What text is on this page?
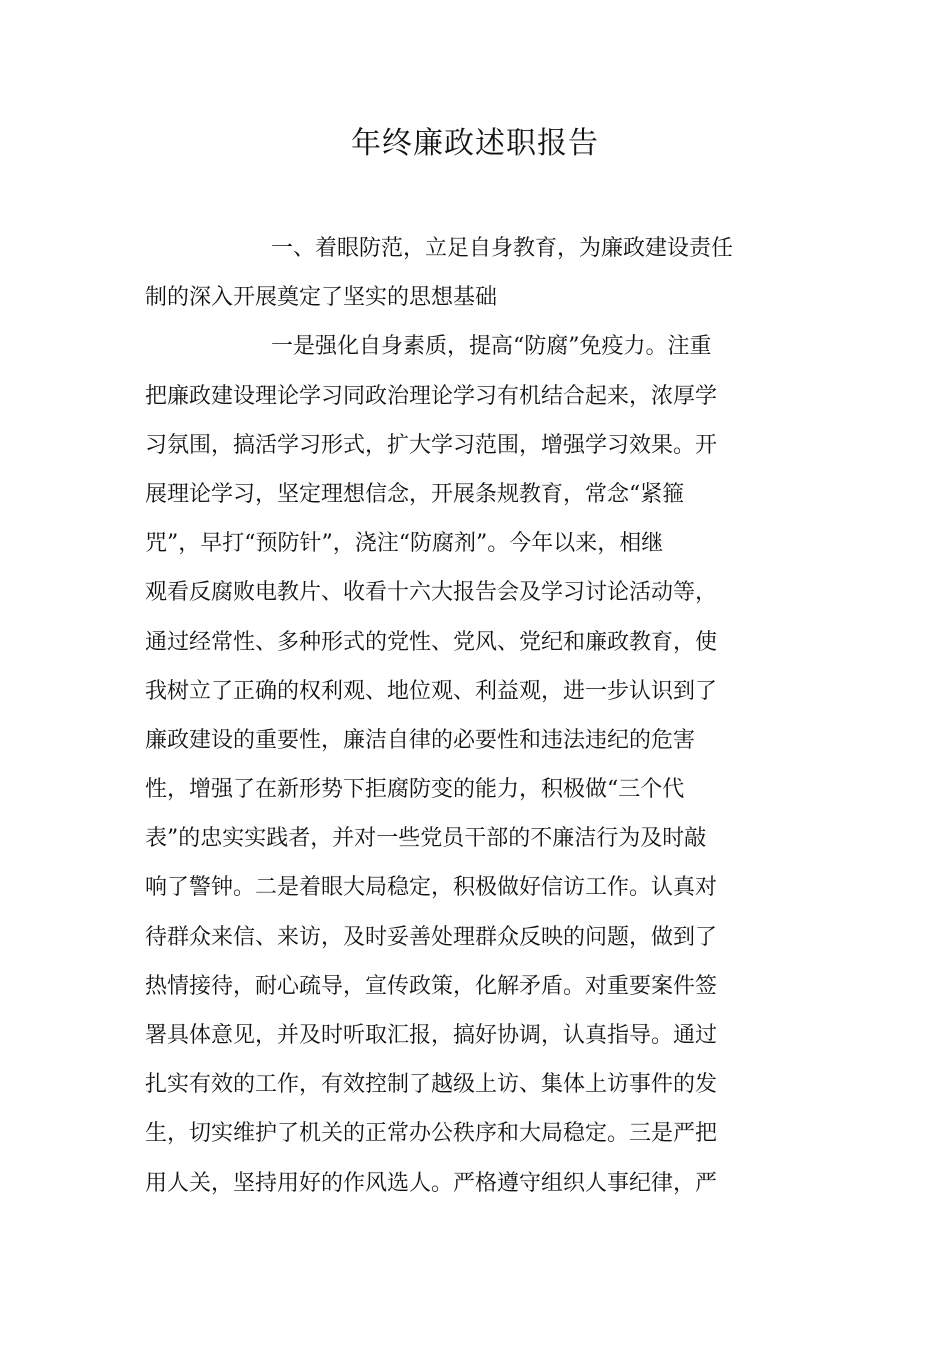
年终廉政述职报告
一、着眼防范，立足自身教育，为廉政建设责任
制的深入开展奠定了坚实的思想基础
一是强化自身素质，提高“防腐”免疫力。注重
把廉政建设理论学习同政治理论学习有机结合起来，浓厚学
习氛围，搞活学习形式，扩大学习范围，增强学习效果。开
展理论学习，坚定理想信念，开展条规教育，常念“紧箍
咒”，早打“预防针”，浇注“防腐剂”。今年以来，相继
观看反腐败电教片、收看十六大报告会及学习讨论活动等，
通过经常性、多种形式的党性、党风、党纪和廉政教育，使
我树立了正确的权利观、地位观、利益观，进一步认识到了
廉政建设的重要性，廉洁自律的必要性和违法违纪的危害
性，增强了在新形势下拒腐防变的能力，积极做“三个代
表”的忠实实践者，并对一些党员干部的不廉洁行为及时敲
响了警钟。二是着眼大局稳定，积极做好信访工作。认真对
待群众来信、来访，及时妥善处理群众反映的问题，做到了
热情接待，耐心疏导，宣传政策，化解矛盾。对重要案件签
署具体意见，并及时听取汇报，搞好协调，认真指导。通过
扎实有效的工作，有效控制了越级上访、集体上访事件的发
生，切实维护了机关的正常办公秩序和大局稳定。三是严把
用人关，坚持用好的作风选人。严格遵守组织人事纪律，严
